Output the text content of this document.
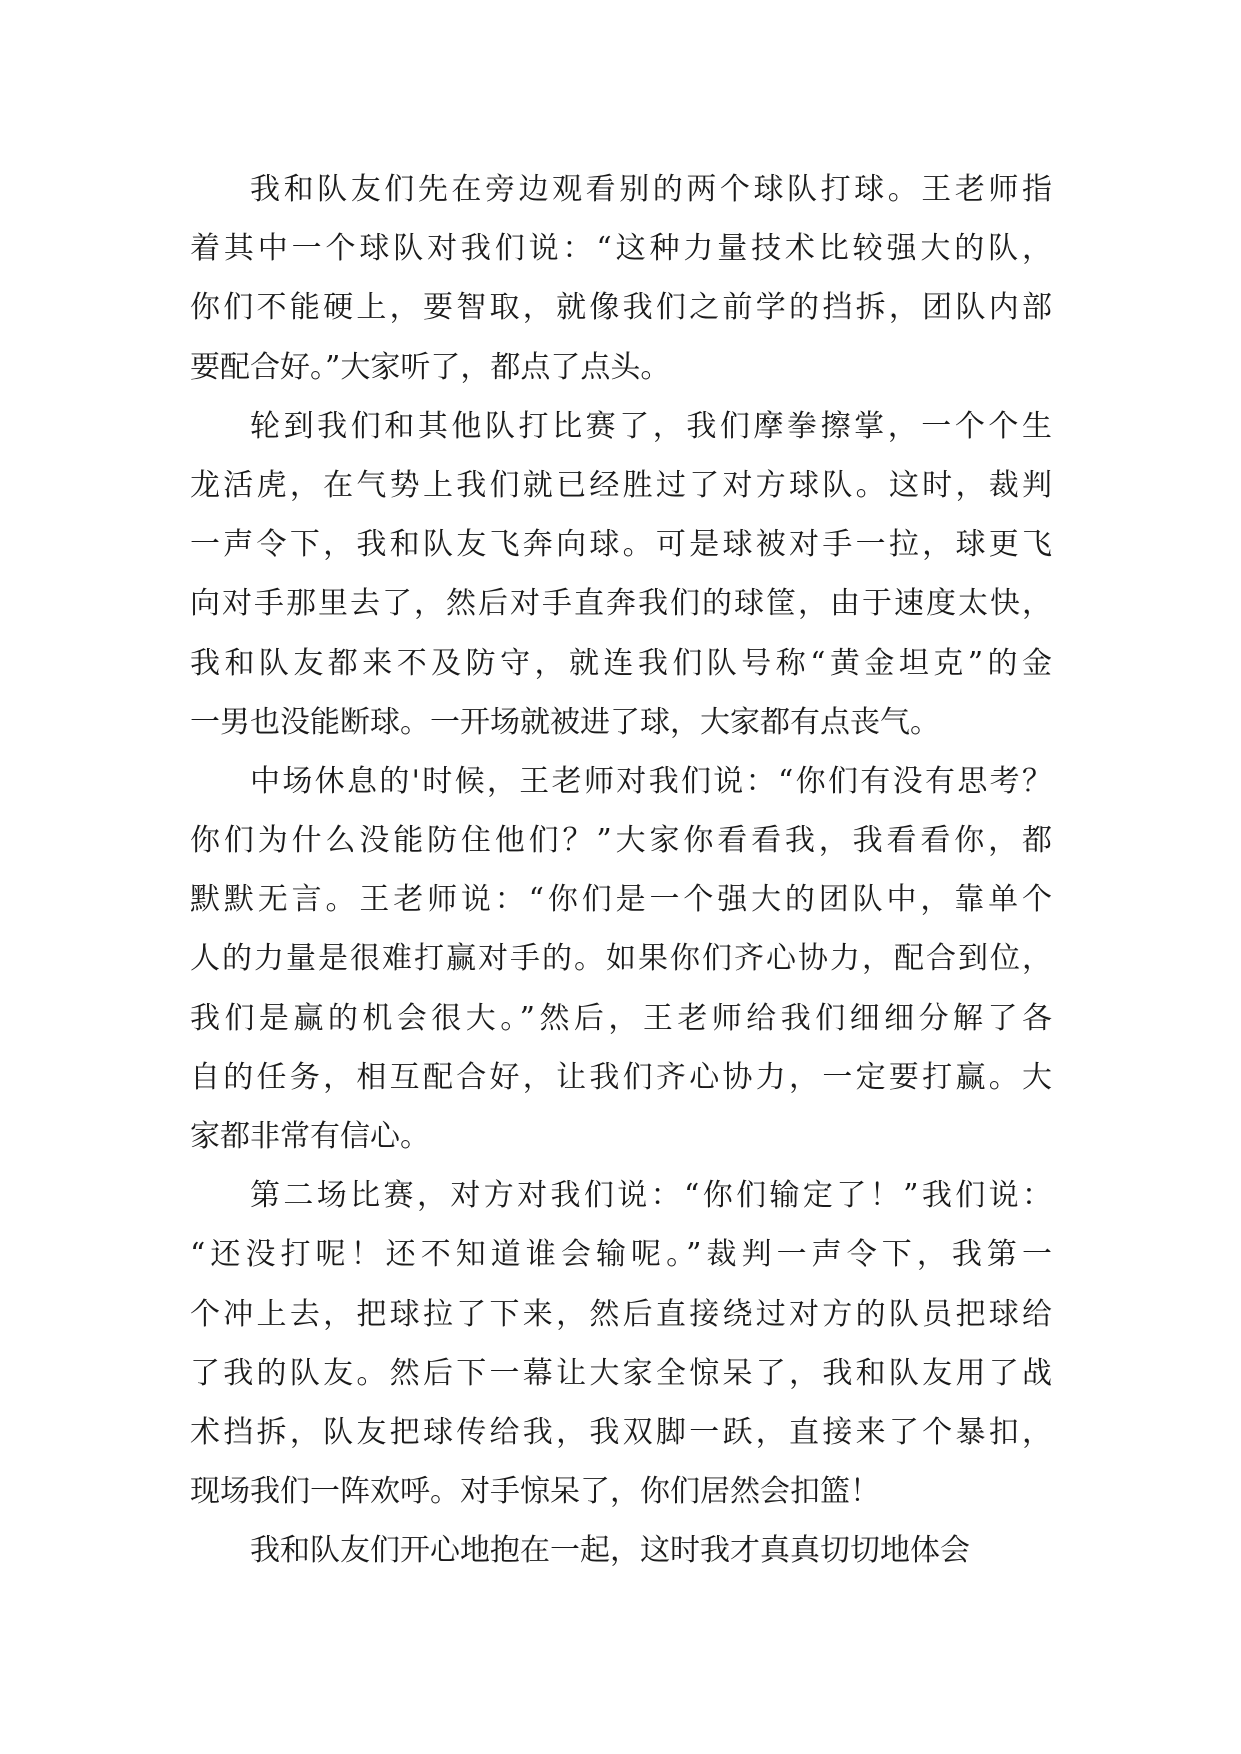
我和队友们先在旁边观看别的两个球队打球。王老师指
着其中一个球队对我们说：“这种力量技术比较强大的队，
你们不能硬上，要智取，就像我们之前学的挡拆，团队内部
要配合好。”大家听了，都点了点头。
轮到我们和其他队打比赛了，我们摩拳擦掌，一个个生
龙活虎，在气势上我们就已经胜过了对方球队。这时，裁判
一声令下，我和队友飞奔向球。可是球被对手一拉，球更飞
向对手那里去了，然后对手直奔我们的球筐，由于速度太快，
我和队友都来不及防守，就连我们队号称“黄金坦克”的金
一男也没能断球。一开场就被进了球，大家都有点丧气。
中场休息的'时候，王老师对我们说：“你们有没有思考？
你们为什么没能防住他们？”大家你看看我，我看看你，都
默默无言。王老师说：“你们是一个强大的团队中，靠单个
人的力量是很难打赢对手的。如果你们齐心协力，配合到位，
我们是赢的机会很大。”然后，王老师给我们细细分解了各
自的任务，相互配合好，让我们齐心协力，一定要打赢。大
家都非常有信心。
第二场比赛，对方对我们说：“你们输定了！”我们说：
“还没打呢！还不知道谁会输呢。”裁判一声令下，我第一
个冲上去，把球拉了下来，然后直接绕过对方的队员把球给
了我的队友。然后下一幕让大家全惊呆了，我和队友用了战
术挡拆，队友把球传给我，我双脚一跃，直接来了个暴扣，
现场我们一阵欢呼。对手惊呆了，你们居然会扣篮！
我和队友们开心地抱在一起，这时我才真真切切地体会
